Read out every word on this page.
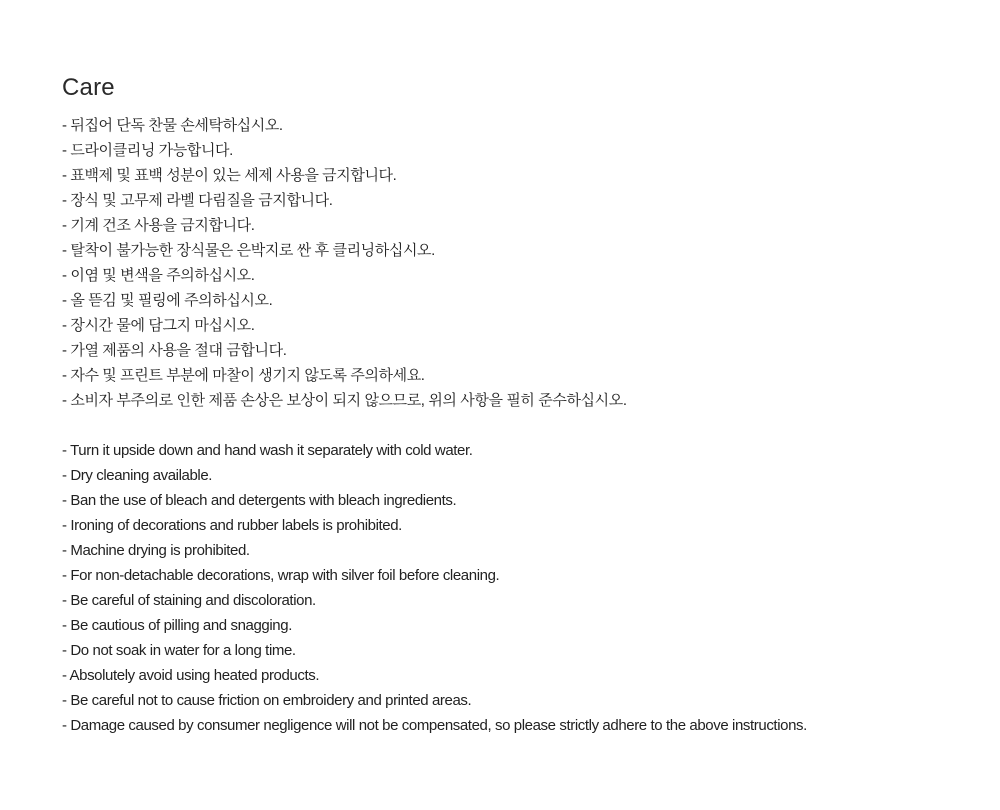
Care
- 뒤집어 단독 찬물 손세탁하십시오.
- 드라이클리닝 가능합니다.
- 표백제 및 표백 성분이 있는 세제 사용을 금지합니다.
- 장식 및 고무제 라벨 다림질을 금지합니다.
- 기계 건조 사용을 금지합니다.
- 탈착이 불가능한 장식물은 은박지로 싼 후 클리닝하십시오.
- 이염 및 변색을 주의하십시오.
- 올 뜯김 및 필링에 주의하십시오.
- 장시간 물에 담그지 마십시오.
- 가열 제품의 사용을 절대 금합니다.
- 자수 및 프린트 부분에 마찰이 생기지 않도록 주의하세요.
- 소비자 부주의로 인한 제품 손상은 보상이 되지 않으므로, 위의 사항을 필히 준수하십시오.
- Turn it upside down and hand wash it separately with cold water.
- Dry cleaning available.
- Ban the use of bleach and detergents with bleach ingredients.
- Ironing of decorations and rubber labels is prohibited.
- Machine drying is prohibited.
- For non-detachable decorations, wrap with silver foil before cleaning.
- Be careful of staining and discoloration.
- Be cautious of pilling and snagging.
- Do not soak in water for a long time.
- Absolutely avoid using heated products.
- Be careful not to cause friction on embroidery and printed areas.
- Damage caused by consumer negligence will not be compensated, so please strictly adhere to the above instructions.
